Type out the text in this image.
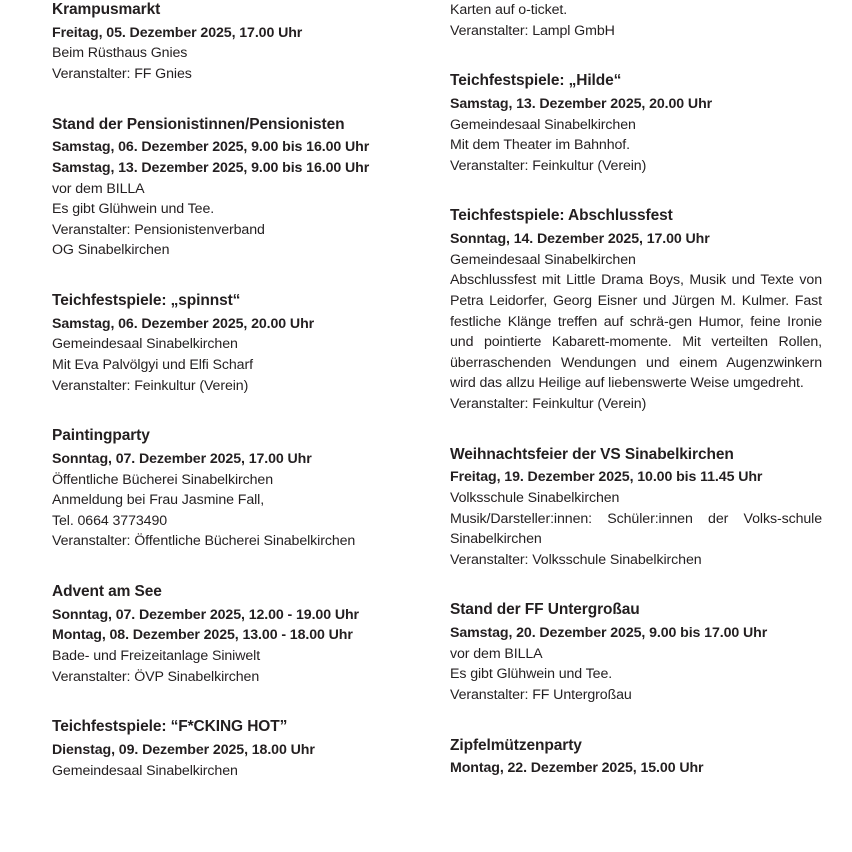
Krampusmarkt
Freitag, 05. Dezember 2025, 17.00 Uhr
Beim Rüsthaus Gnies
Veranstalter: FF Gnies
Stand der Pensionistinnen/Pensionisten
Samstag, 06. Dezember 2025, 9.00 bis 16.00 Uhr
Samstag, 13. Dezember 2025, 9.00 bis 16.00 Uhr
vor dem BILLA
Es gibt Glühwein und Tee.
Veranstalter: Pensionistenverband
OG Sinabelkirchen
Teichfestspiele: „spinnst“
Samstag, 06. Dezember 2025, 20.00 Uhr
Gemeindesaal Sinabelkirchen
Mit Eva Palvölgyi und Elfi Scharf
Veranstalter: Feinkultur (Verein)
Paintingparty
Sonntag, 07. Dezember 2025, 17.00 Uhr
Öffentliche Bücherei Sinabelkirchen
Anmeldung bei Frau Jasmine Fall,
Tel. 0664 3773490
Veranstalter: Öffentliche Bücherei Sinabelkirchen
Advent am See
Sonntag, 07. Dezember 2025, 12.00 - 19.00 Uhr
Montag, 08. Dezember 2025, 13.00 - 18.00 Uhr
Bade- und Freizeitanlage Siniwelt
Veranstalter: ÖVP Sinabelkirchen
Teichfestspiele: “F*CKING HOT”
Dienstag, 09. Dezember 2025, 18.00 Uhr
Gemeindesaal Sinabelkirchen
Karten auf o-ticket.
Veranstalter: Lampl GmbH
Teichfestspiele: „Hilde“
Samstag, 13. Dezember 2025, 20.00 Uhr
Gemeindesaal Sinabelkirchen
Mit dem Theater im Bahnhof.
Veranstalter: Feinkultur (Verein)
Teichfestspiele: Abschlussfest
Sonntag, 14. Dezember 2025, 17.00 Uhr
Gemeindesaal Sinabelkirchen
Abschlussfest mit Little Drama Boys, Musik und Texte von Petra Leidorfer, Georg Eisner und Jürgen M. Kulmer. Fast festliche Klänge treffen auf schrä-gen Humor, feine Ironie und pointierte Kabarett-momente. Mit verteilten Rollen, überraschenden Wendungen und einem Augenzwinkern wird das allzu Heilige auf liebenswerte Weise umgedreht.
Veranstalter: Feinkultur (Verein)
Weihnachtsfeier der VS Sinabelkirchen
Freitag, 19. Dezember 2025, 10.00 bis 11.45 Uhr
Volksschule Sinabelkirchen
Musik/Darsteller:innen: Schüler:innen der Volks-schule Sinabelkirchen
Veranstalter: Volksschule Sinabelkirchen
Stand der FF Untergroßau
Samstag, 20. Dezember 2025, 9.00 bis 17.00 Uhr
vor dem BILLA
Es gibt Glühwein und Tee.
Veranstalter: FF Untergroßau
Zipfelmützenparty
Montag, 22. Dezember 2025, 15.00 Uhr
